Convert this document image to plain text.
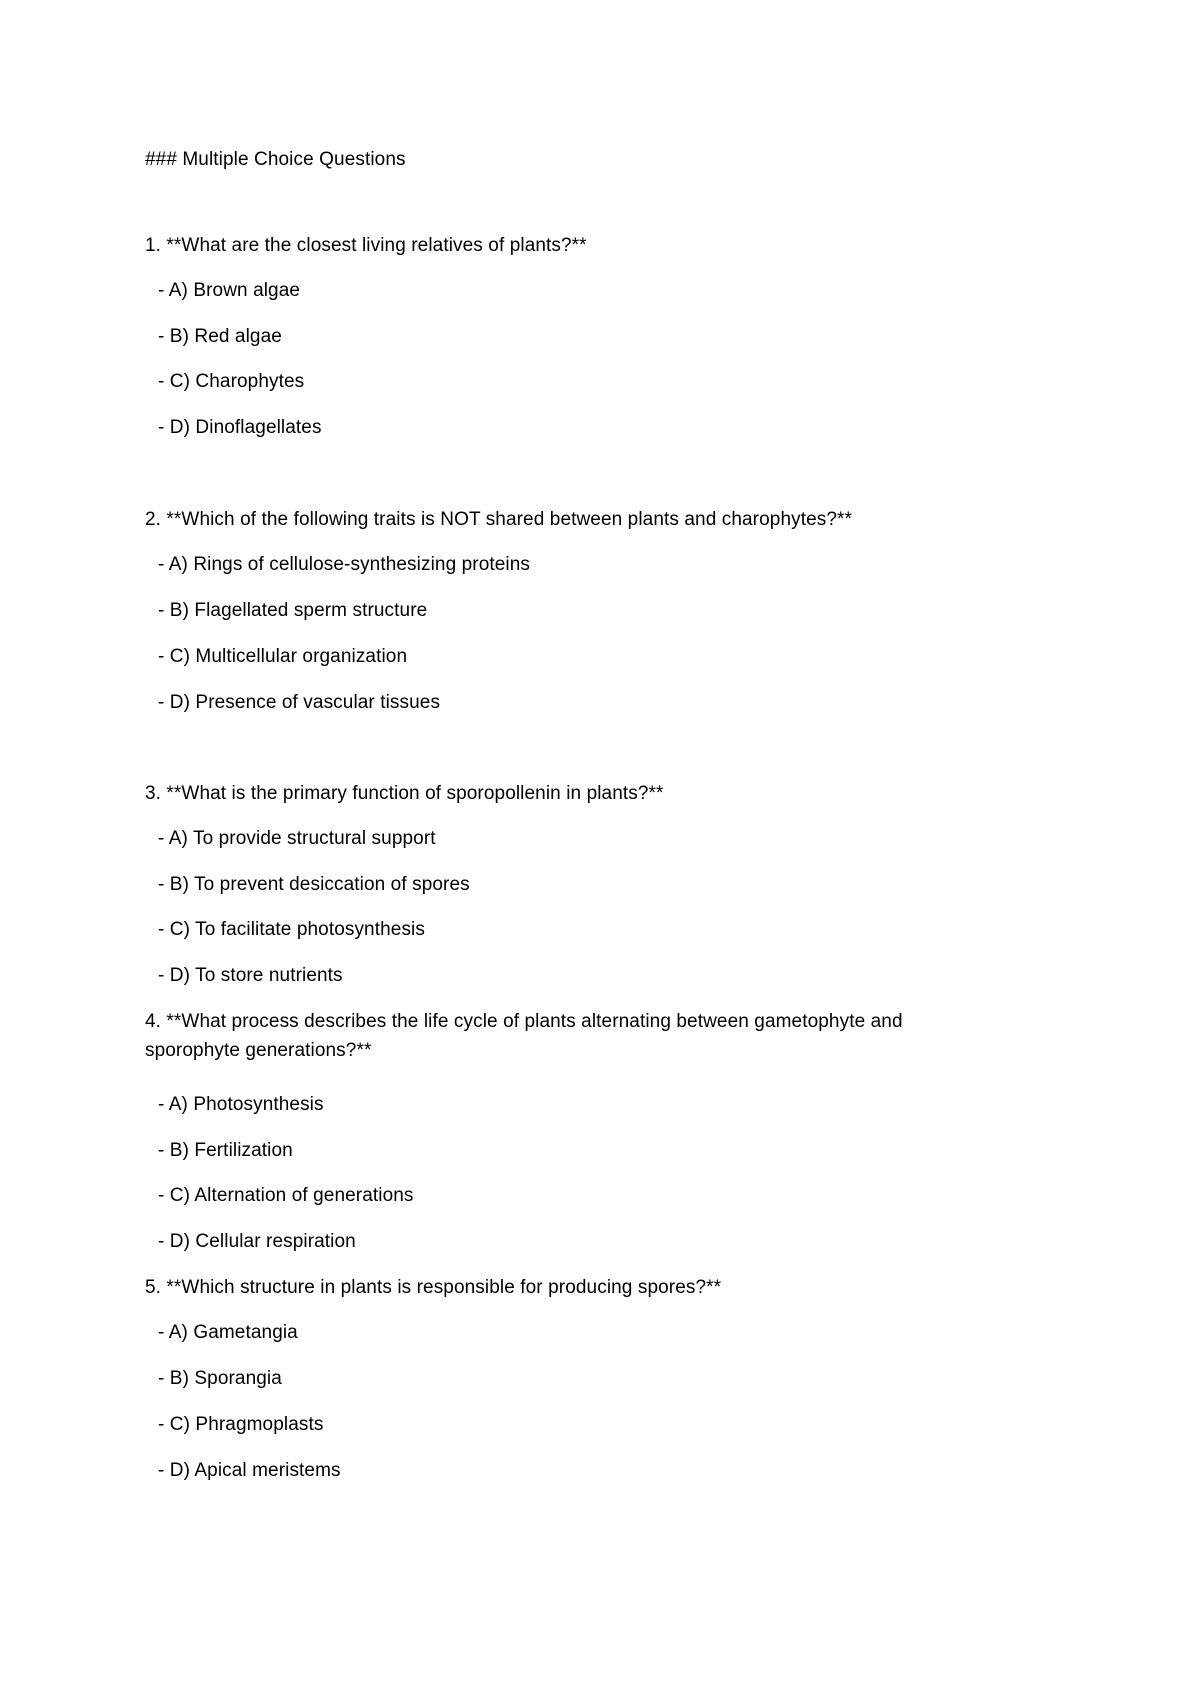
### Multiple Choice Questions
1. **What are the closest living relatives of plants?**
- A) Brown algae
- B) Red algae
- C) Charophytes
- D) Dinoflagellates
2. **Which of the following traits is NOT shared between plants and charophytes?**
- A) Rings of cellulose-synthesizing proteins
- B) Flagellated sperm structure
- C) Multicellular organization
- D) Presence of vascular tissues
3. **What is the primary function of sporopollenin in plants?**
- A) To provide structural support
- B) To prevent desiccation of spores
- C) To facilitate photosynthesis
- D) To store nutrients
4. **What process describes the life cycle of plants alternating between gametophyte and sporophyte generations?**
- A) Photosynthesis
- B) Fertilization
- C) Alternation of generations
- D) Cellular respiration
5. **Which structure in plants is responsible for producing spores?**
- A) Gametangia
- B) Sporangia
- C) Phragmoplasts
- D) Apical meristems
